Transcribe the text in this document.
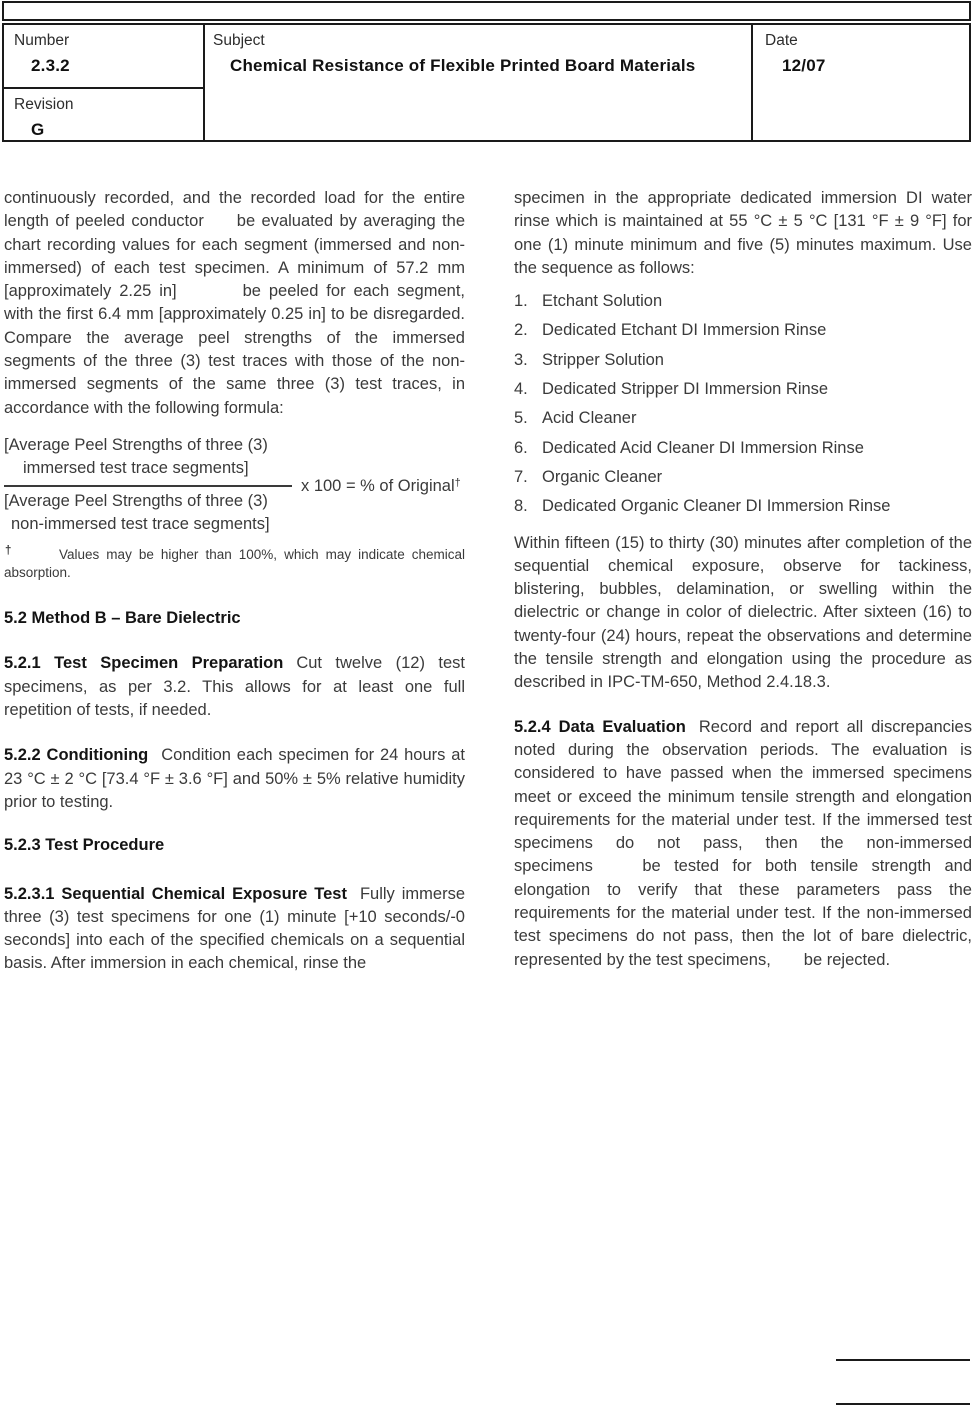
Number
2.3.2
Revision
G
Subject
Chemical Resistance of Flexible Printed Board Materials
Date
12/07

continuously recorded, and the recorded load for the entire length of peeled conductor  be evaluated by averaging the chart recording values for each segment (immersed and non-immersed) of each test specimen. A minimum of 57.2 mm [approximately 2.25 in]    be peeled for each segment, with the first 6.4 mm [approximately 0.25 in] to be disregarded. Compare the average peel strengths of the immersed segments of the three (3) test traces with those of the non-immersed segments of the same three (3) test traces, in accordance with the following formula:

[Average Peel Strengths of three (3)
immersed test trace segments]
[Average Peel Strengths of three (3)
non-immersed test trace segments]
x 100 = % of Original†
†	Values may be higher than 100%, which may indicate chemical absorption.

5.2 Method B – Bare Dielectric

5.2.1 Test Specimen Preparation Cut twelve (12) test specimens, as per 3.2. This allows for at least one full repetition of tests, if needed.

5.2.2 Conditioning Condition each specimen for 24 hours at 23 °C ± 2 °C [73.4 °F ± 3.6 °F] and 50% ± 5% relative humidity prior to testing.

5.2.3 Test Procedure

5.2.3.1 Sequential Chemical Exposure Test Fully immerse three (3) test specimens for one (1) minute [+10 seconds/-0 seconds] into each of the specified chemicals on a sequential basis. After immersion in each chemical, rinse the

specimen in the appropriate dedicated immersion DI water rinse which is maintained at 55 °C ± 5 °C [131 °F ± 9 °F] for one (1) minute minimum and five (5) minutes maximum. Use the sequence as follows:

1. Etchant Solution
2. Dedicated Etchant DI Immersion Rinse
3. Stripper Solution
4. Dedicated Stripper DI Immersion Rinse
5. Acid Cleaner
6. Dedicated Acid Cleaner DI Immersion Rinse
7. Organic Cleaner
8. Dedicated Organic Cleaner DI Immersion Rinse

Within fifteen (15) to thirty (30) minutes after completion of the sequential chemical exposure, observe for tackiness, blistering, bubbles, delamination, or swelling within the dielectric or change in color of dielectric. After sixteen (16) to twenty-four (24) hours, repeat the observations and determine the tensile strength and elongation using the procedure as described in IPC-TM-650, Method 2.4.18.3.

5.2.4 Data Evaluation Record and report all discrepancies noted during the observation periods. The evaluation is considered to have passed when the immersed specimens meet or exceed the minimum tensile strength and elongation requirements for the material under test. If the immersed test specimens do not pass, then the non-immersed specimens   be tested for both tensile strength and elongation to verify that these parameters pass the requirements for the material under test. If the non-immersed test specimens do not pass, then the lot of bare dielectric, represented by the test specimens,  be rejected.
